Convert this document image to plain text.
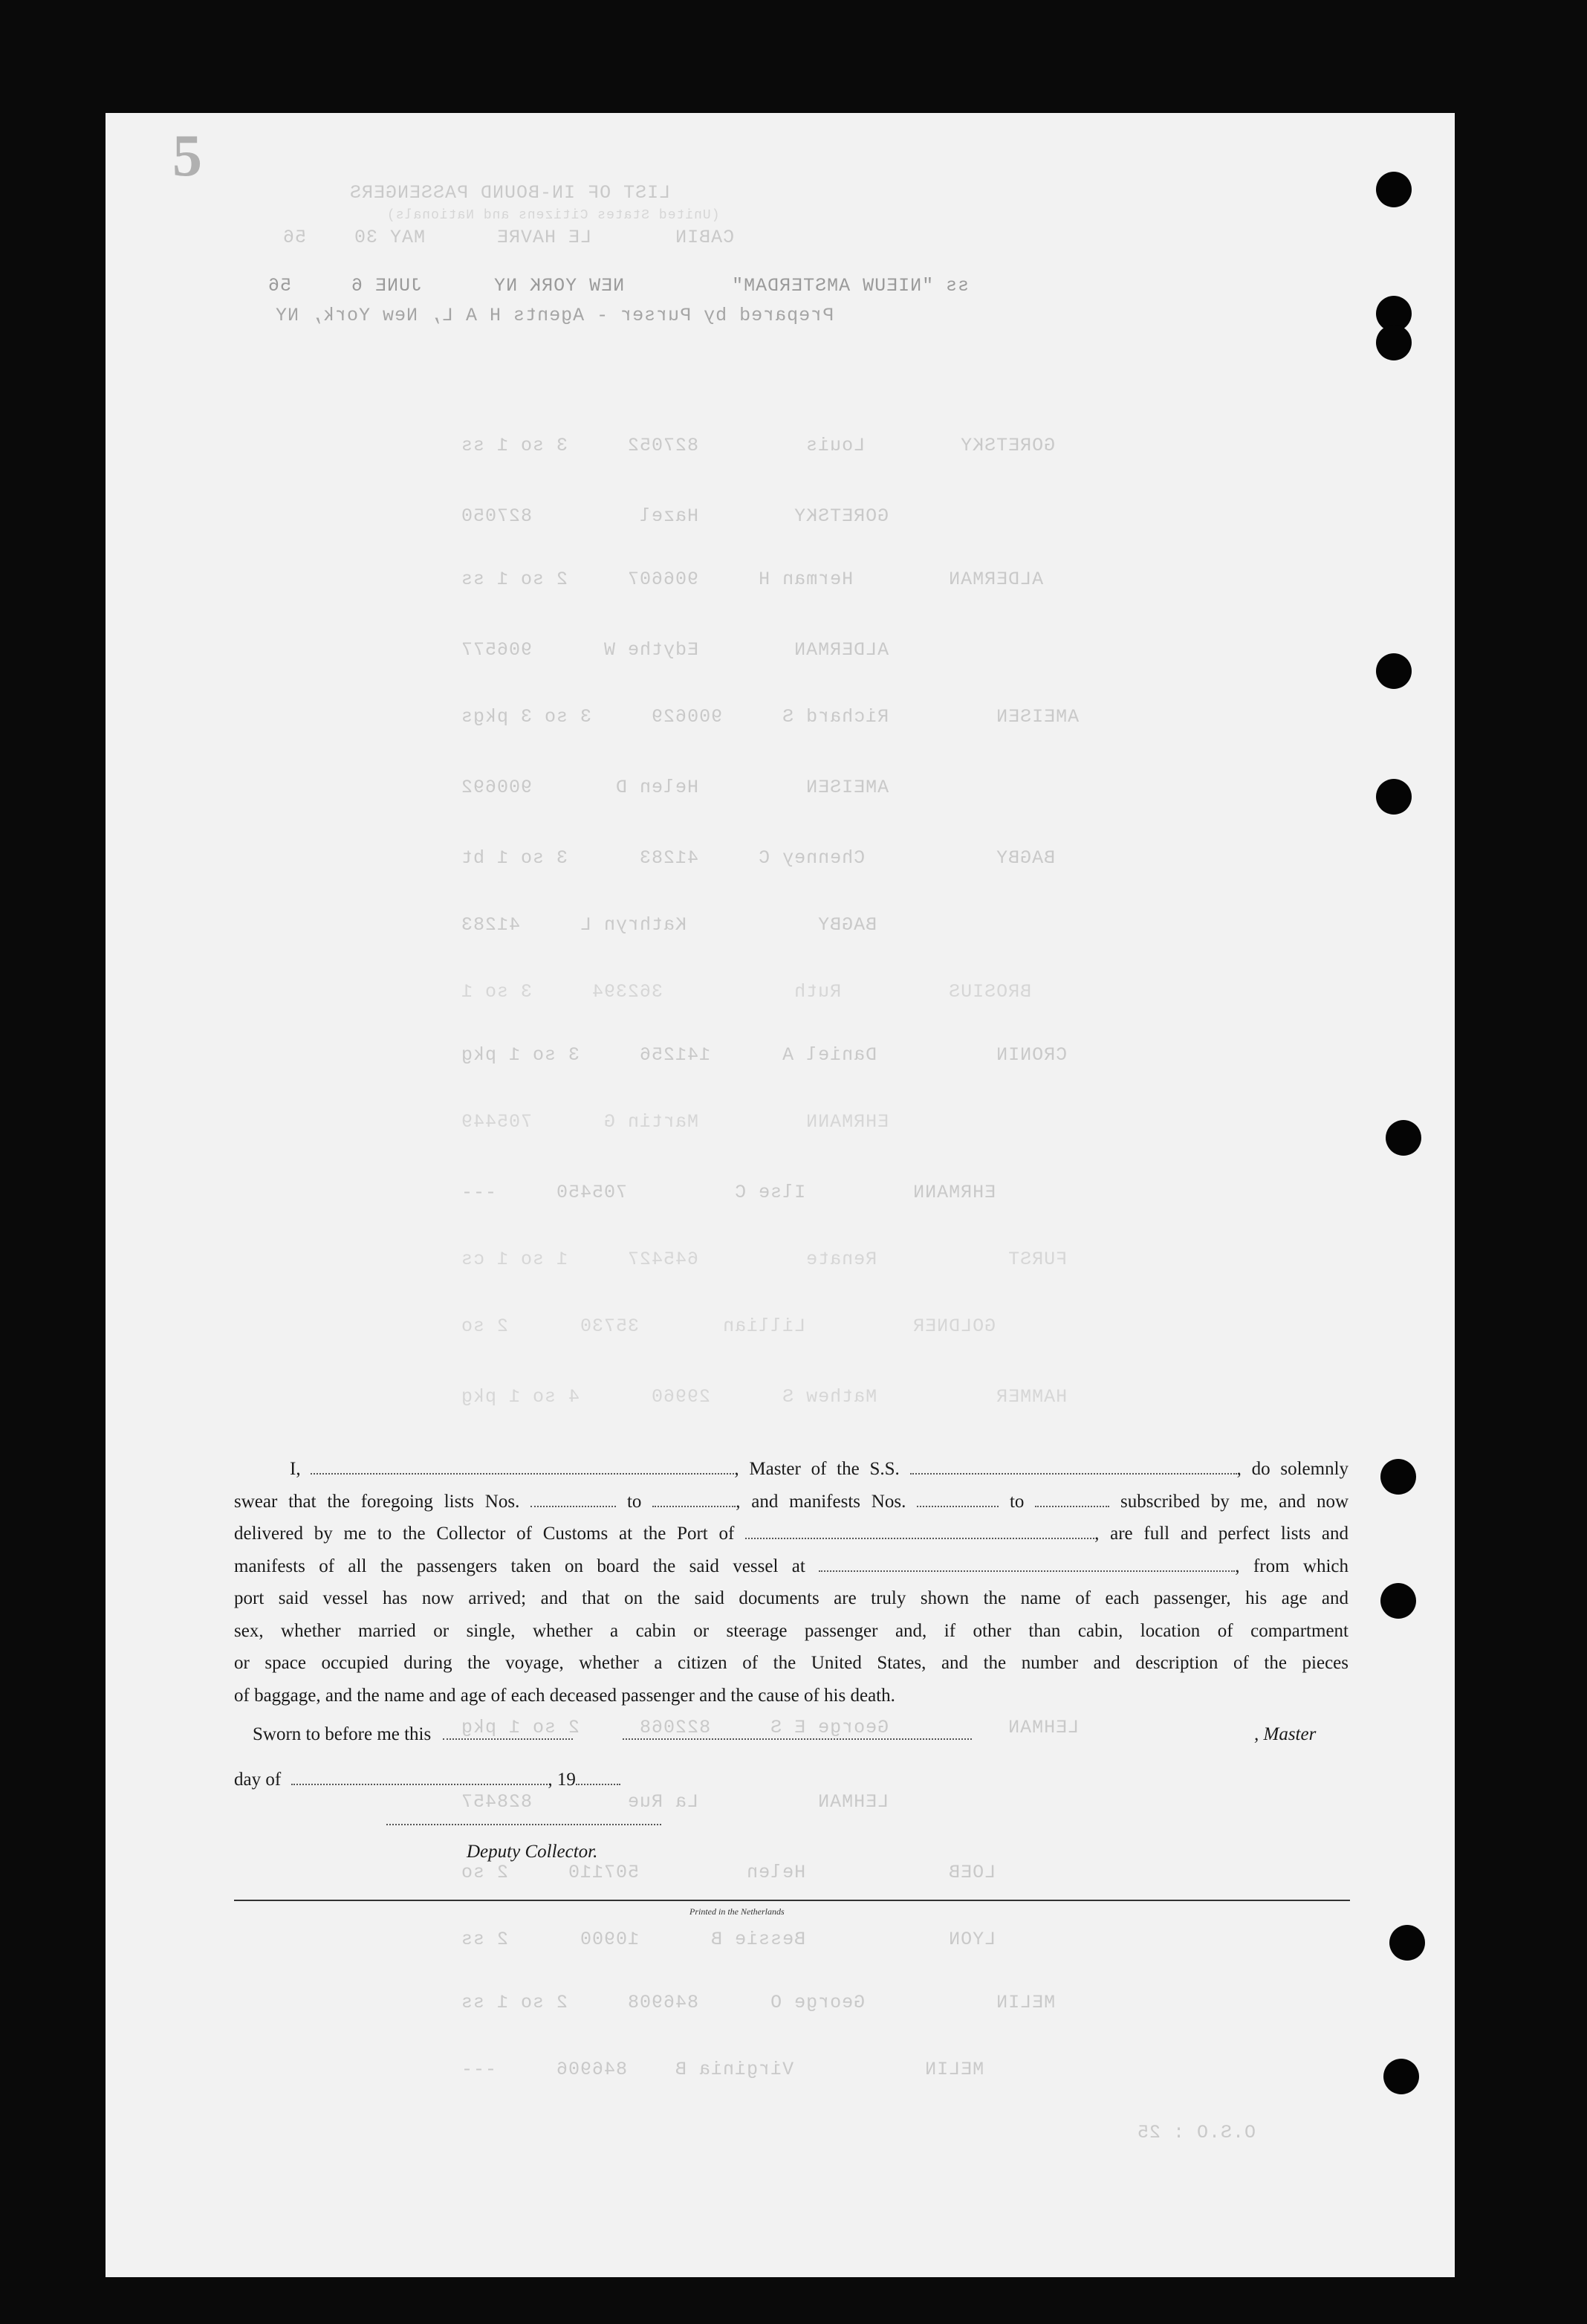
LIST OF IN-BOUND PASSENGERS
(United States Citizens and Nationals)
CABIN       LE HAVRE      MAY 30    56
ss "NIEUW AMSTERDAM"         NEW YORK NY      JUNE 6     56
Prepared by Purser - Agents H A L, New York, NY
GORETSKY        Louis         827052     3 so 1 ss
GORETSKY        Hazel         827050
ALDERMAN        Herman H     906607     2 so 1 ss
ALDERMAN        Edythe W      906577
AMEISEN         Richard S     900629     3 so 3 pkgs
AMEISEN         Helen D       900692
BAGBY           Chenney C     41283      3 so 1 bt
BAGBY           Kathryn L     41283
BROSIUS         Ruth           362394     3 so 1
CRONIN          Daniel A      141256     3 so 1 pkg
EHRMANN         Martin G      705449
EHRMANN         Ilse C         705450     ---
FURST           Renate         645427     1 so 1 cs
GOLDNER         Lillian       35730      2 so
HAMMER          Mathew S      29960      4 so 1 pkg
LEHMAN          George E S     822068     2 so 1 pkg
LEHMAN          La Rue        828457
LOEB            Helen         507110     2 so
LYON            Bessie B      10900      2 ss
MELIN           George O      846908     2 so 1 ss
MELIN           Virginia B    846906     ---
O.S.O : 25
5

I,	, Master of the S.S.	, do solemnly

swear that the foregoing lists Nos.	to	, and manifests Nos.	to	subscribed by me, and now

delivered by me to the Collector of Customs at the Port of	, are full and perfect lists and

manifests of all the passengers taken on board the said vessel at	, from which

port said vessel has now arrived; and that on the said documents are truly shown the name of each passenger, his age and

sex, whether married or single, whether a cabin or steerage passenger and, if other than cabin, location of compartment

or space occupied during the voyage, whether a citizen of the United States, and the number and description of the pieces

of baggage, and the name and age of each deceased passenger and the cause of his death.

Sworn to before me this	, Master
day of	, 19
Deputy Collector.
Printed in the Netherlands
